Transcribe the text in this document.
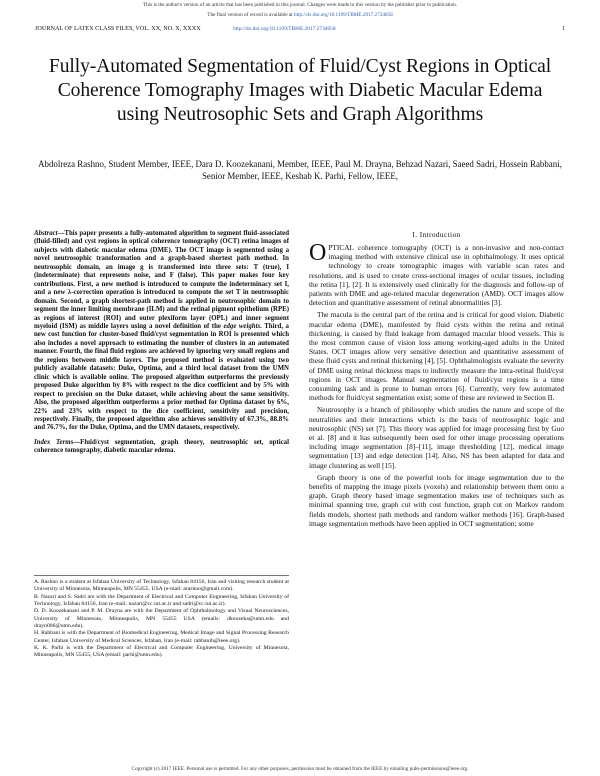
This is the author's version of an article that has been published in this journal. Changes were made to this version by the publisher prior to publication.
The final version of record is available at http://dx.doi.org/10.1109/TBME.2017.2734058
JOURNAL OF LATEX CLASS FILES, VOL. XX, NO. X, XXXX	http://dx.doi.org/10.1109/TBME.2017.2734058	1
Fully-Automated Segmentation of Fluid/Cyst Regions in Optical Coherence Tomography Images with Diabetic Macular Edema using Neutrosophic Sets and Graph Algorithms
Abdolreza Rashno, Student Member, IEEE, Dara D. Koozekanani, Member, IEEE, Paul M. Drayna, Behzad Nazari, Saeed Sadri, Hossein Rabbani, Senior Member, IEEE, Keshab K. Parhi, Fellow, IEEE,

Abstract—This paper presents a fully-automated algorithm to segment fluid-associated (fluid-filled) and cyst regions in optical coherence tomography (OCT) retina images of subjects with diabetic macular edema (DME). The OCT image is segmented using a novel neutrosophic transformation and a graph-based shortest path method. In neutrosophic domain, an image g is transformed into three sets: T (true), I (indeterminate) that represents noise, and F (false). This paper makes four key contributions. First, a new method is introduced to compute the indeterminacy set I, and a new λ-correction operation is introduced to compute the set T in neutrosophic domain. Second, a graph shortest-path method is applied in neutrosophic domain to segment the inner limiting membrane (ILM) and the retinal pigment epithelium (RPE) as regions of interest (ROI) and outer plexiform layer (OPL) and inner segment myeloid (ISM) as middle layers using a novel definition of the edge weights. Third, a new cost function for cluster-based fluid/cyst segmentation in ROI is presented which also includes a novel approach to estimating the number of clusters in an automated manner. Fourth, the final fluid regions are achieved by ignoring very small regions and the regions between middle layers. The proposed method is evaluated using two publicly available datasets: Duke, Optima, and a third local dataset from the UMN clinic which is available online. The proposed algorithm outperforms the previously proposed Duke algorithm by 8% with respect to the dice coefficient and by 5% with respect to precision on the Duke dataset, while achieving about the same sensitivity. Also, the proposed algorithm outperforms a prior method for Optima dataset by 6%, 22% and 23% with respect to the dice coefficient, sensitivity and precision, respectively. Finally, the proposed algorithm also achieves sensitivity of 67.3%, 88.8% and 76.7%, for the Duke, Optima, and the UMN datasets, respectively.

Index Terms—Fluid/cyst segmentation, graph theory, neutrosophic set, optical coherence tomography, diabetic macular edema.

A. Rashno is a student at Isfahan University of Technology, Isfahan 84156, Iran and visiting research student at University of Minnesota, Minneapolis, MN 55455, USA (e-mail: arashno@gmail.com).

B. Nazari and S. Sadri are with the Department of Electrical and Computer Engineering, Isfahan University of Technology, Isfahan 84156, Iran (e-mail: nazari@cc.iut.ac.ir and sadri@cc.iut.ac.ir).

D. D. Koozekanani and P. M. Drayna are with the Department of Ophthalmology and Visual Neurosciences, University of Minnesota, Minneapolis, MN 55455 USA (emails: dkoozeka@umn.edu and drayn006@umn.edu).

H. Rabbani is with the Department of Biomedical Engineering, Medical Image and Signal Processing Research Center, Isfahan University of Medical Sciences, Isfahan, Iran (e-mail: rabbanih@ieee.org).

K. K. Parhi is with the Department of Electrical and Computer Engineering, University of Minnesota, Minneapolis, MN 55455, USA (email: parhi@umn.edu).

I. Introduction

OPTICAL coherence tomography (OCT) is a non-invasive and non-contact imaging method with extensive clinical use in ophthalmology. It uses optical technology to create tomographic images with variable scan rates and resolutions, and is used to create cross-sectional images of ocular tissues, including the retina [1], [2]. It is extensively used clinically for the diagnosis and follow-up of patients with DME and age-related macular degeneration (AMD). OCT images allow detection and quantitative assessment of retinal abnormalities [3].

The macula is the central part of the retina and is critical for good vision. Diabetic macular edema (DME), manifested by fluid cysts within the retina and retinal thickening, is caused by fluid leakage from damaged macular blood vessels. This is the most common cause of vision loss among working-aged adults in the United States. OCT images allow very sensitive detection and quantitative assessment of these fluid cysts and retinal thickening [4], [5]. Ophthalmologists evaluate the severity of DME using retinal thickness maps to indirectly measure the intra-retinal fluid/cyst regions in OCT images. Manual segmentation of fluid/cyst regions is a time consuming task and is prone to human errors [6]. Currently, very few automated methods for fluid/cyst segmentation exist; some of these are reviewed in Section II.

Neutrosophy is a branch of philosophy which studies the nature and scope of the neutralities and their interactions which is the basis of neutrosophic logic and neutrosophic (NS) set [7]. This theory was applied for image processing first by Guo et al. [8] and it has subsequently been used for other image processing operations including image segmentation [8]–[11], image thresholding [12], medical image segmentation [13] and edge detection [14]. Also, NS has been adapted for data and image clustering as well [15].

Graph theory is one of the powerful tools for image segmentation due to the benefits of mapping the image pixels (voxels) and relationship between them onto a graph. Graph theory based image segmentation makes use of techniques such as minimal spanning tree, graph cut with cost function, graph cut on Markov random fields models, shortest path methods and random walker methods [16]. Graph-based image segmentation methods have been applied in OCT segmentation; some

Copyright (c) 2017 IEEE. Personal use is permitted. For any other purposes, permission must be obtained from the IEEE by emailing pubs-permissions@ieee.org.
